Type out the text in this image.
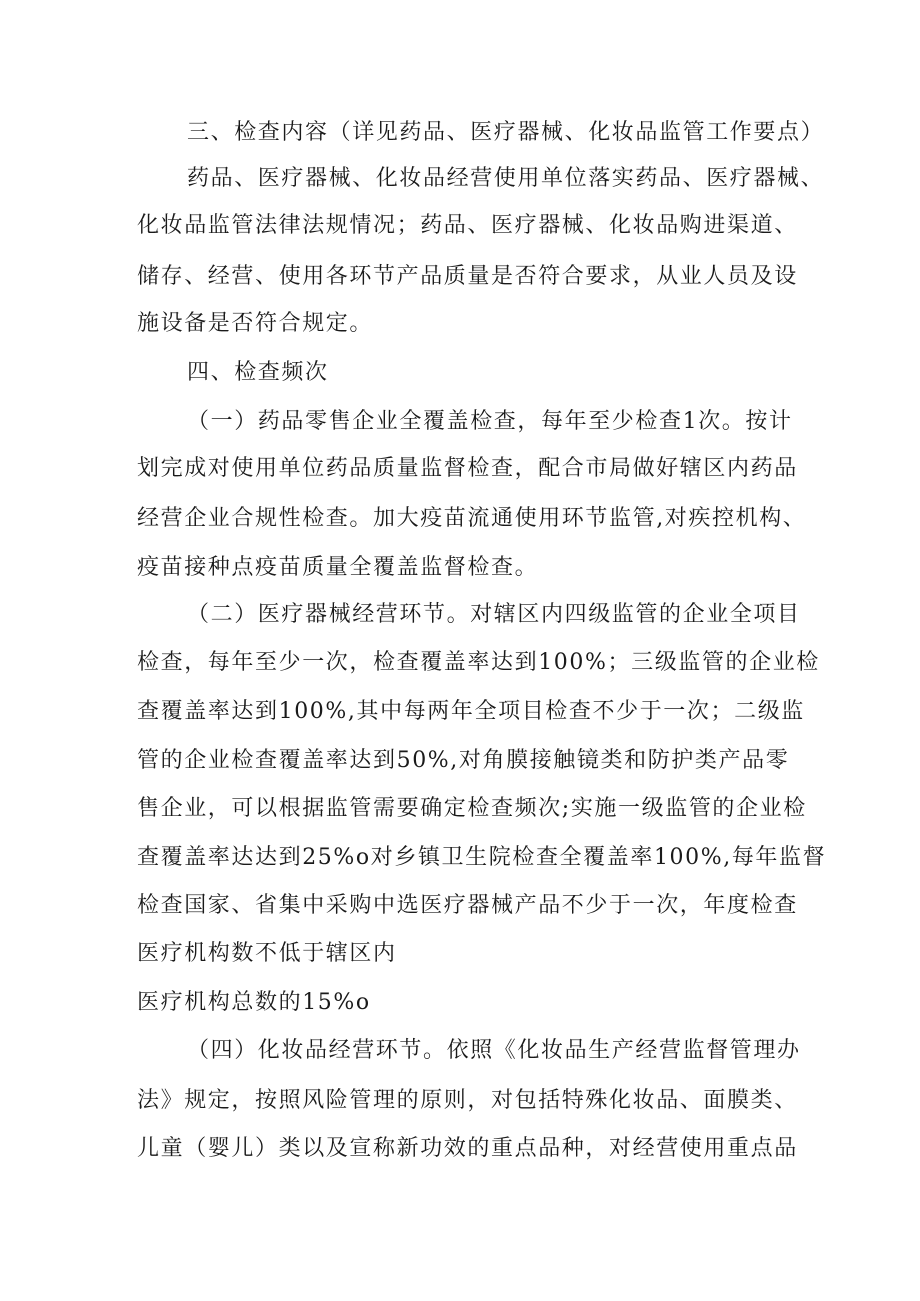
三、检查内容（详见药品、医疗器械、化妆品监管工作要点）
药品、医疗器械、化妆品经营使用单位落实药品、医疗器械、
化妆品监管法律法规情况；药品、医疗器械、化妆品购进渠道、
储存、经营、使用各环节产品质量是否符合要求，从业人员及设
施设备是否符合规定。
四、检查频次
（一）药品零售企业全覆盖检查，每年至少检查1次。按计
划完成对使用单位药品质量监督检查，配合市局做好辖区内药品
经营企业合规性检查。加大疫苗流通使用环节监管,对疾控机构、
疫苗接种点疫苗质量全覆盖监督检查。
（二）医疗器械经营环节。对辖区内四级监管的企业全项目
检查，每年至少一次，检查覆盖率达到100%；三级监管的企业检
查覆盖率达到100%,其中每两年全项目检查不少于一次；二级监
管的企业检查覆盖率达到50%,对角膜接触镜类和防护类产品零
售企业，可以根据监管需要确定检查频次;实施一级监管的企业检
查覆盖率达达到25%o对乡镇卫生院检查全覆盖率100%,每年监督
检查国家、省集中采购中选医疗器械产品不少于一次，年度检查
医疗机构数不低于辖区内
医疗机构总数的15%o
（四）化妆品经营环节。依照《化妆品生产经营监督管理办
法》规定，按照风险管理的原则，对包括特殊化妆品、面膜类、
儿童（婴儿）类以及宣称新功效的重点品种，对经营使用重点品
